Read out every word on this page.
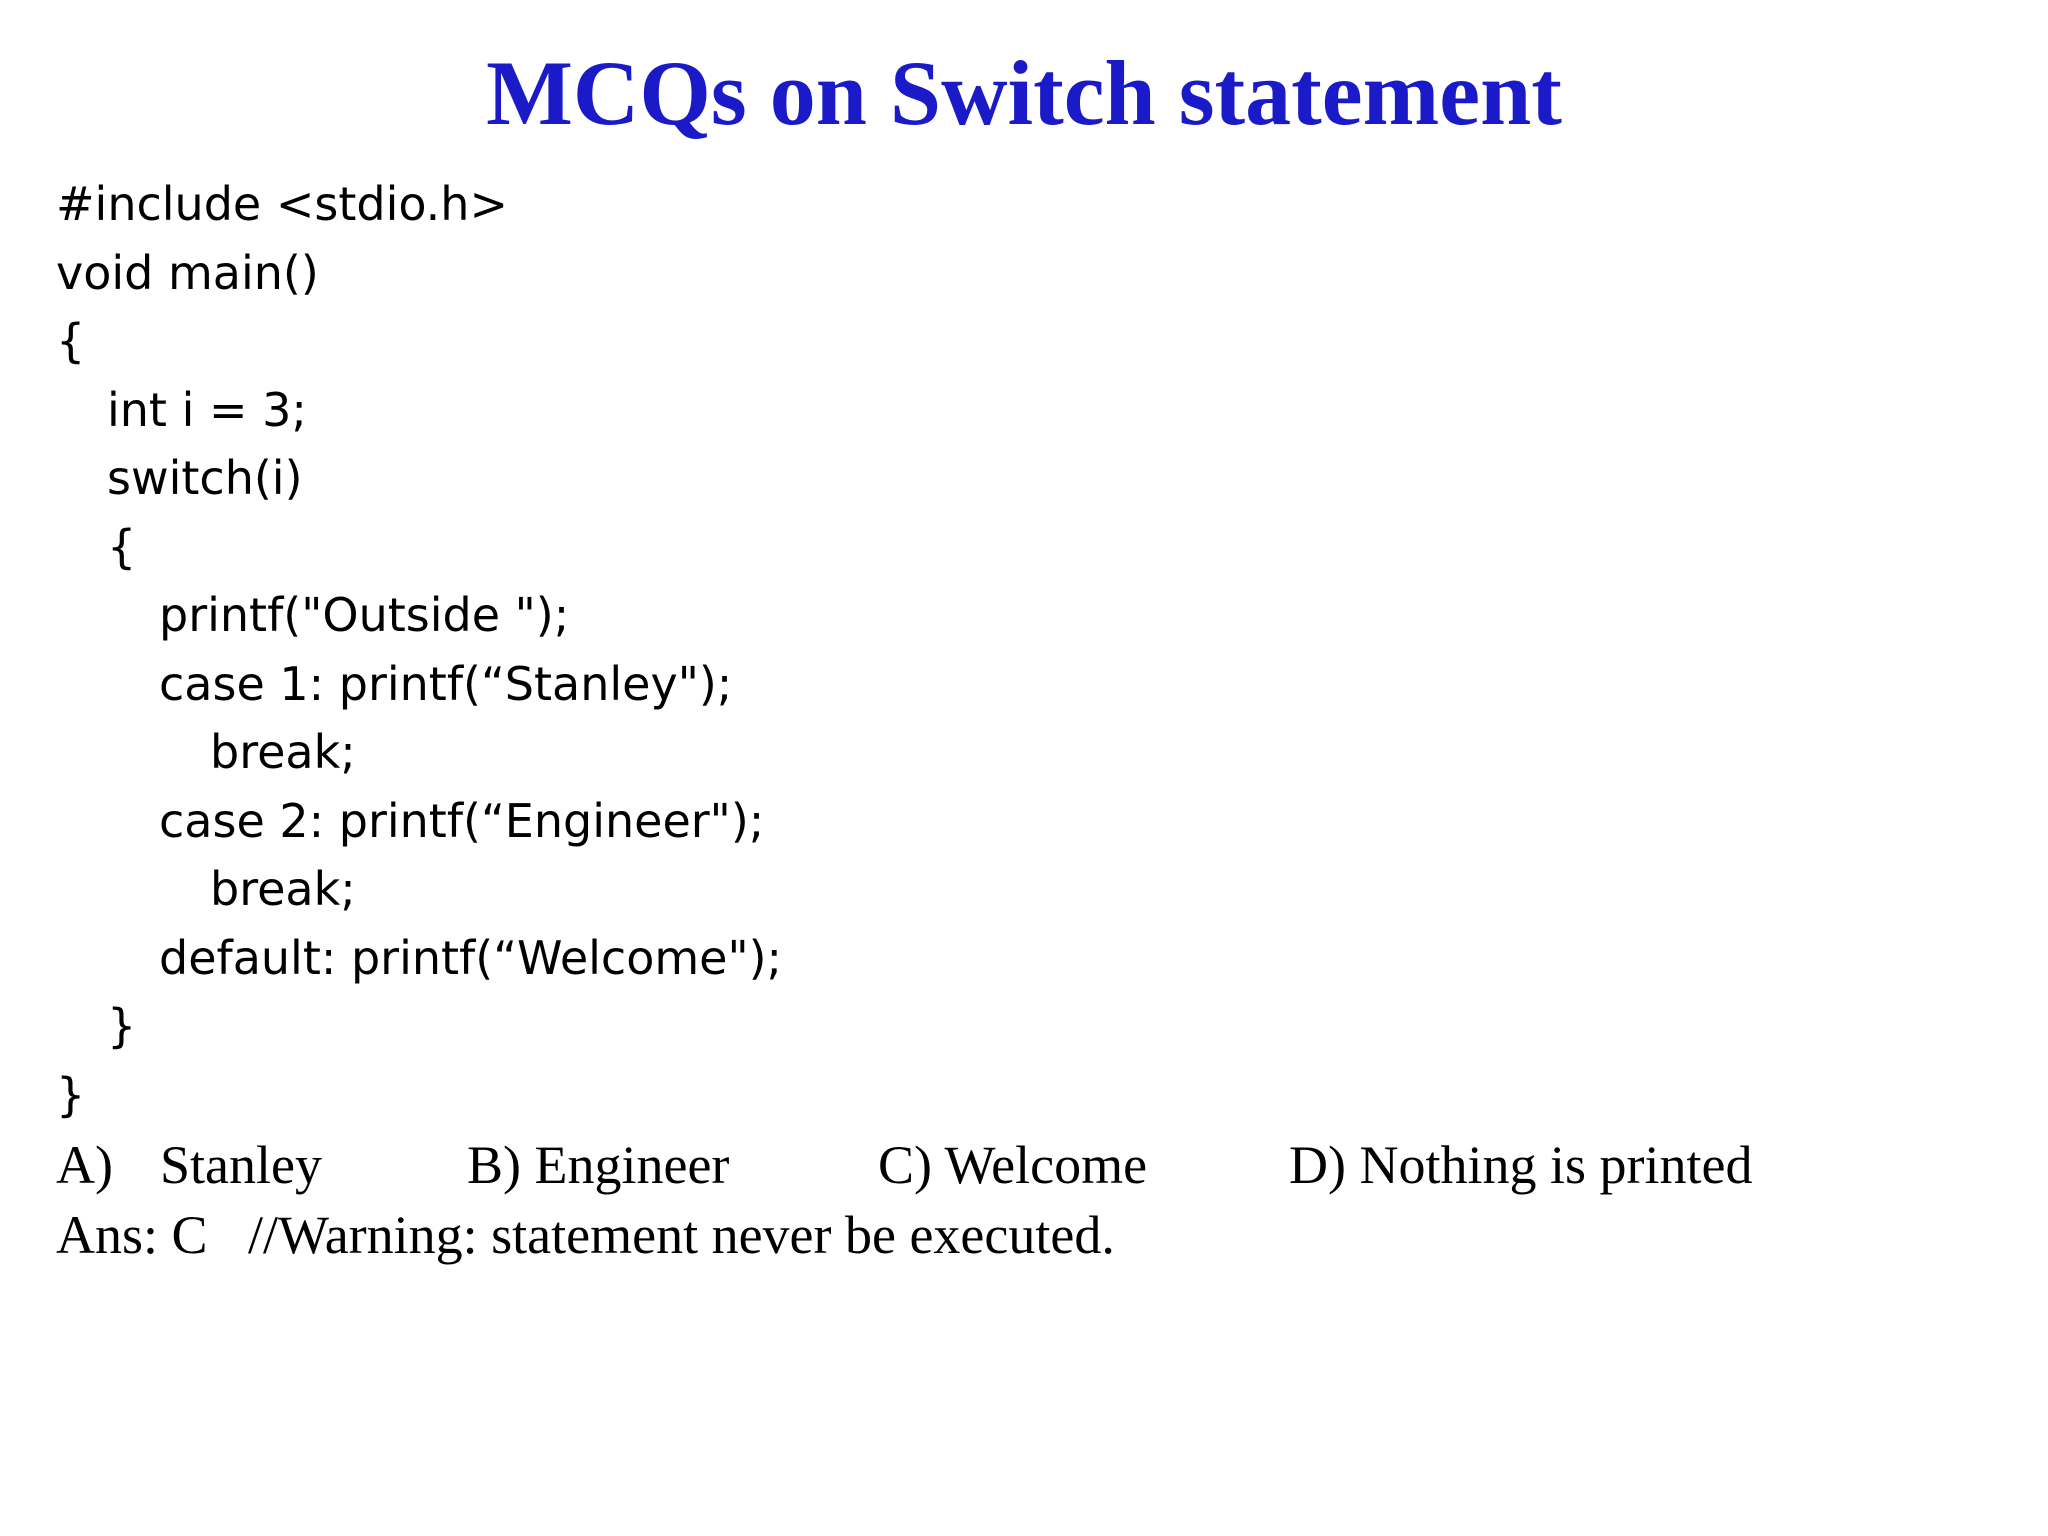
MCQs on Switch statement
#include <stdio.h>
void main()
{
int i = 3;
switch(i)
{
printf("Outside ");
case 1: printf(“Stanley");
break;
case 2: printf(“Engineer");
break;
default: printf(“Welcome");
}
}
A) Stanley	B) Engineer	C) Welcome	D) Nothing is printed
Ans: C //Warning: statement never be executed.
